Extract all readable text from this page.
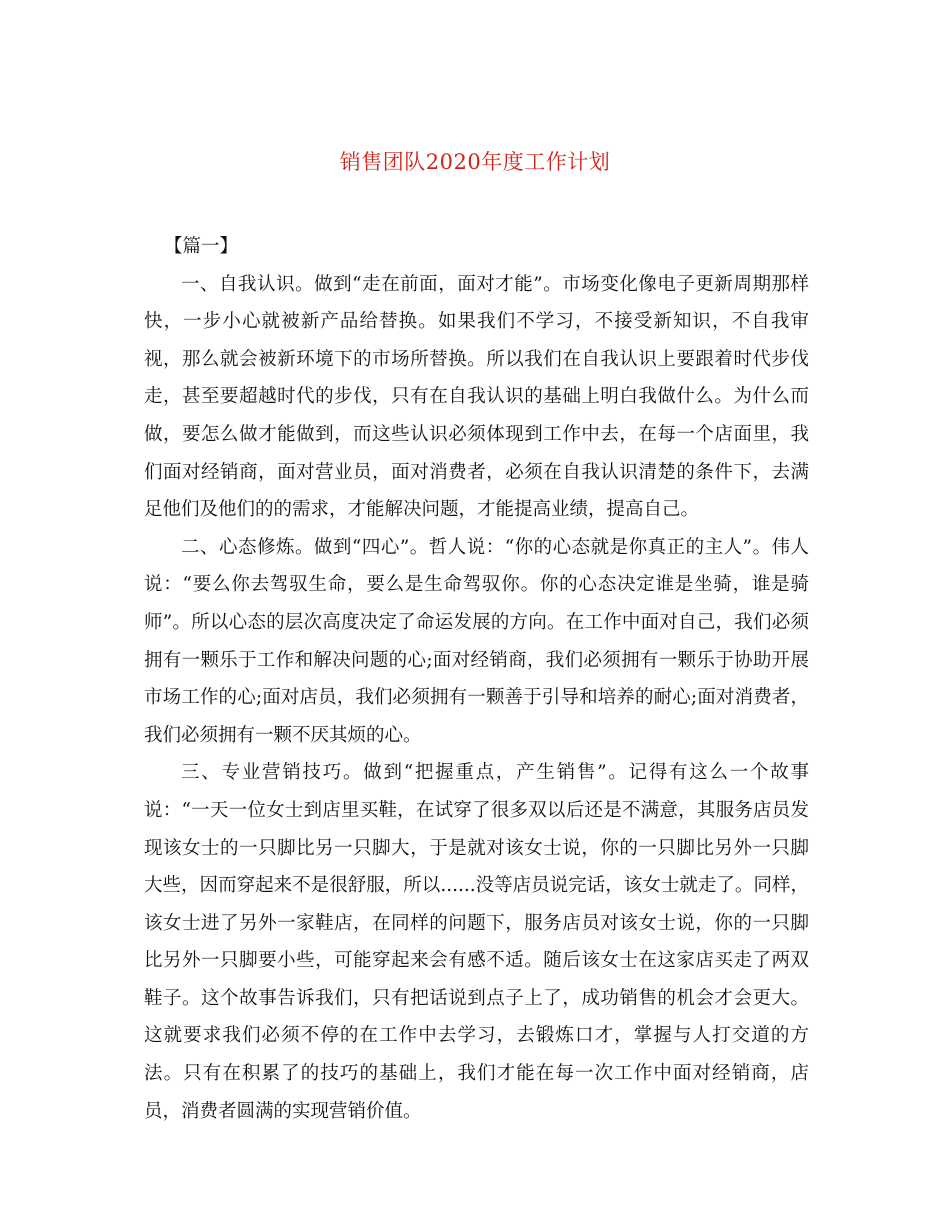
销售团队2020年度工作计划

【篇一】

一、自我认识。做到“走在前面，面对才能”。市场变化像电子更新周期那样快，一步小心就被新产品给替换。如果我们不学习，不接受新知识，不自我审视，那么就会被新环境下的市场所替换。所以我们在自我认识上要跟着时代步伐走，甚至要超越时代的步伐，只有在自我认识的基础上明白我做什么。为什么而做，要怎么做才能做到，而这些认识必须体现到工作中去，在每一个店面里，我们面对经销商，面对营业员，面对消费者，必须在自我认识清楚的条件下，去满足他们及他们的的需求，才能解决问题，才能提高业绩，提高自己。

二、心态修炼。做到“四心”。哲人说：“你的心态就是你真正的主人”。伟人说：“要么你去驾驭生命，要么是生命驾驭你。你的心态决定谁是坐骑，谁是骑师”。所以心态的层次高度决定了命运发展的方向。在工作中面对自己，我们必须拥有一颗乐于工作和解决问题的心;面对经销商，我们必须拥有一颗乐于协助开展市场工作的心;面对店员，我们必须拥有一颗善于引导和培养的耐心;面对消费者，我们必须拥有一颗不厌其烦的心。

三、专业营销技巧。做到“把握重点，产生销售”。记得有这么一个故事说：“一天一位女士到店里买鞋，在试穿了很多双以后还是不满意，其服务店员发现该女士的一只脚比另一只脚大，于是就对该女士说，你的一只脚比另外一只脚大些，因而穿起来不是很舒服，所以......没等店员说完话，该女士就走了。同样，该女士进了另外一家鞋店，在同样的问题下，服务店员对该女士说，你的一只脚比另外一只脚要小些，可能穿起来会有感不适。随后该女士在这家店买走了两双鞋子。这个故事告诉我们，只有把话说到点子上了，成功销售的机会才会更大。这就要求我们必须不停的在工作中去学习，去锻炼口才，掌握与人打交道的方法。只有在积累了的技巧的基础上，我们才能在每一次工作中面对经销商，店员，消费者圆满的实现营销价值。
